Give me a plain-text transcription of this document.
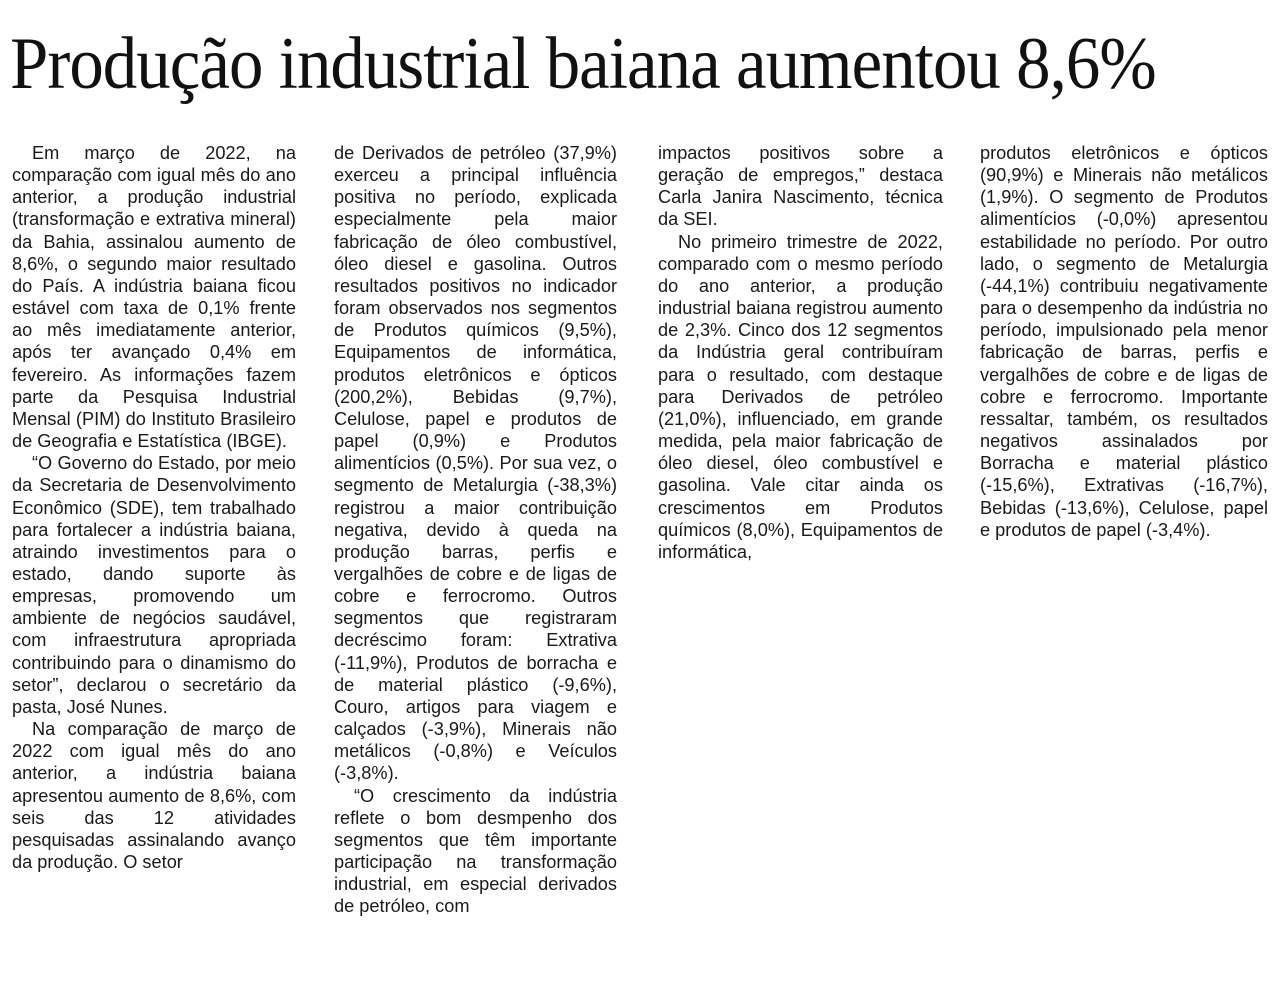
Produção industrial baiana aumentou 8,6%

Em março de 2022, na comparação com igual mês do ano anterior, a produção industrial (transformação e extrativa mineral) da Bahia, assinalou aumento de 8,6%, o segundo maior resultado do País. A indústria baiana ficou estável com taxa de 0,1% frente ao mês imediatamente anterior, após ter avançado 0,4% em fevereiro. As informações fazem parte da Pesquisa Industrial Mensal (PIM) do Instituto Brasileiro de Geografia e Estatística (IBGE).

“O Governo do Estado, por meio da Secretaria de Desenvolvimento Econômico (SDE), tem trabalhado para fortalecer a indústria baiana, atraindo investimentos para o estado, dando suporte às empresas, promovendo um ambiente de negócios saudável, com infraestrutura apropriada contribuindo para o dinamismo do setor”, declarou o secretário da pasta, José Nunes.

Na comparação de março de 2022 com igual mês do ano anterior, a indústria baiana apresentou aumento de 8,6%, com seis das 12 atividades pesquisadas assinalando avanço da produção. O setor

de Derivados de petróleo (37,9%) exerceu a principal influência positiva no período, explicada especialmente pela maior fabricação de óleo combustível, óleo diesel e gasolina. Outros resultados positivos no indicador foram observados nos segmentos de Produtos químicos (9,5%), Equipamentos de informática, produtos eletrônicos e ópticos (200,2%), Bebidas (9,7%), Celulose, papel e produtos de papel (0,9%) e Produtos alimentícios (0,5%). Por sua vez, o segmento de Metalurgia (-38,3%) registrou a maior contribuição negativa, devido à queda na produção barras, perfis e vergalhões de cobre e de ligas de cobre e ferrocromo. Outros segmentos que registraram decréscimo foram: Extrativa (-11,9%), Produtos de borracha e de material plástico (-9,6%), Couro, artigos para viagem e calçados (-3,9%), Minerais não metálicos (-0,8%) e Veículos (-3,8%).

“O crescimento da indústria reflete o bom desmpenho dos segmentos que têm importante participação na transformação industrial, em especial derivados de petróleo, com

impactos positivos sobre a geração de empregos,” destaca Carla Janira Nascimento, técnica da SEI.

No primeiro trimestre de 2022, comparado com o mesmo período do ano anterior, a produção industrial baiana registrou aumento de 2,3%. Cinco dos 12 segmentos da Indústria geral contribuíram para o resultado, com destaque para Derivados de petróleo (21,0%), influenciado, em grande medida, pela maior fabricação de óleo diesel, óleo combustível e gasolina. Vale citar ainda os crescimentos em Produtos químicos (8,0%), Equipamentos de informática,

produtos eletrônicos e ópticos (90,9%) e Minerais não metálicos (1,9%). O segmento de Produtos alimentícios (-0,0%) apresentou estabilidade no período. Por outro lado, o segmento de Metalurgia (-44,1%) contribuiu negativamente para o desempenho da indústria no período, impulsionado pela menor fabricação de barras, perfis e vergalhões de cobre e de ligas de cobre e ferrocromo. Importante ressaltar, também, os resultados negativos assinalados por Borracha e material plástico (-15,6%), Extrativas (-16,7%), Bebidas (-13,6%), Celulose, papel e produtos de papel (-3,4%).
